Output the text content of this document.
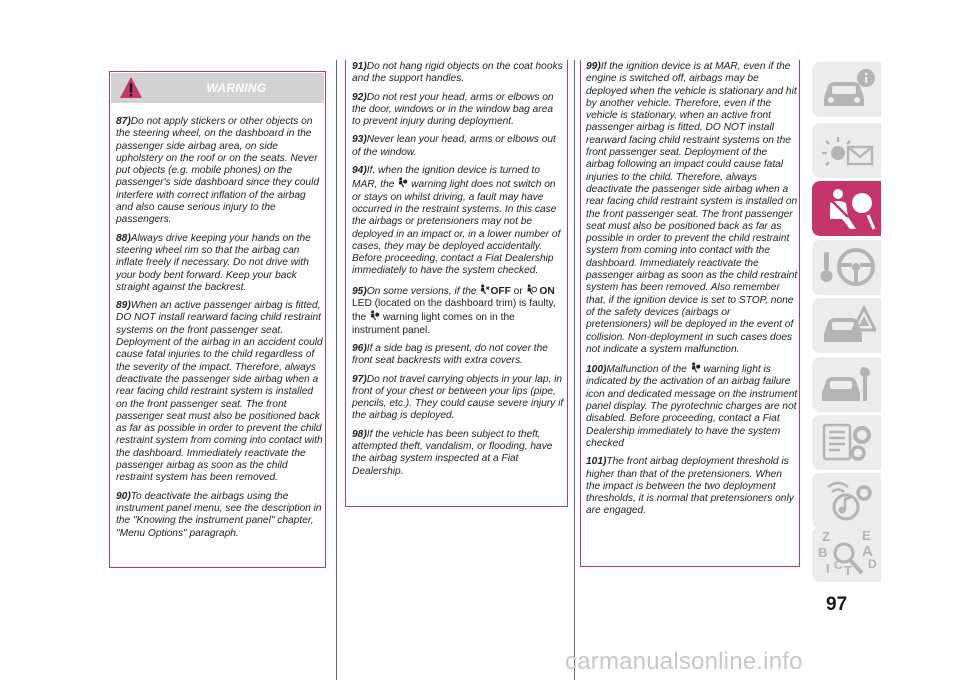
WARNING

87)Do not apply stickers or other objects on the steering wheel, on the dashboard in the passenger side airbag area, on side upholstery on the roof or on the seats. Never put objects (e.g. mobile phones) on the passenger's side dashboard since they could interfere with correct inflation of the airbag and also cause serious injury to the passengers.

88)Always drive keeping your hands on the steering wheel rim so that the airbag can inflate freely if necessary. Do not drive with your body bent forward. Keep your back straight against the backrest.

89)When an active passenger airbag is fitted, DO NOT install rearward facing child restraint systems on the front passenger seat. Deployment of the airbag in an accident could cause fatal injuries to the child regardless of the severity of the impact. Therefore, always deactivate the passenger side airbag when a rear facing child restraint system is installed on the front passenger seat. The front passenger seat must also be positioned back as far as possible in order to prevent the child restraint system from coming into contact with the dashboard. Immediately reactivate the passenger airbag as soon as the child restraint system has been removed.

90)To deactivate the airbags using the instrument panel menu, see the description in the "Knowing the instrument panel" chapter, "Menu Options" paragraph.

91)Do not hang rigid objects on the coat hooks and the support handles.

92)Do not rest your head, arms or elbows on the door, windows or in the window bag area to prevent injury during deployment.

93)Never lean your head, arms or elbows out of the window.

94)If, when the ignition device is turned to MAR, the warning light does not switch on or stays on whilst driving, a fault may have occurred in the restraint systems. In this case the airbags or pretensioners may not be deployed in an impact or, in a lower number of cases, they may be deployed accidentally. Before proceeding, contact a Fiat Dealership immediately to have the system checked.

95)On some versions, if the OFF or ON LED (located on the dashboard trim) is faulty, the warning light comes on in the instrument panel.

96)If a side bag is present, do not cover the front seat backrests with extra covers.

97)Do not travel carrying objects in your lap, in front of your chest or between your lips (pipe, pencils, etc.). They could cause severe injury if the airbag is deployed.

98)If the vehicle has been subject to theft, attempted theft, vandalism, or flooding, have the airbag system inspected at a Fiat Dealership.

99)If the ignition device is at MAR, even if the engine is switched off, airbags may be deployed when the vehicle is stationary and hit by another vehicle. Therefore, even if the vehicle is stationary, when an active front passenger airbag is fitted, DO NOT install rearward facing child restraint systems on the front passenger seat. Deployment of the airbag following an impact could cause fatal injuries to the child. Therefore, always deactivate the passenger side airbag when a rear facing child restraint system is installed on the front passenger seat. The front passenger seat must also be positioned back as far as possible in order to prevent the child restraint system from coming into contact with the dashboard. Immediately reactivate the passenger airbag as soon as the child restraint system has been removed. Also remember that, if the ignition device is set to STOP, none of the safety devices (airbags or pretensioners) will be deployed in the event of collision. Non-deployment in such cases does not indicate a system malfunction.

100)Malfunction of the warning light is indicated by the activation of an airbag failure icon and dedicated message on the instrument panel display. The pyrotechnic charges are not disabled. Before proceeding, contact a Fiat Dealership immediately to have the system checked

101)The front airbag deployment threshold is higher than that of the pretensioners. When the impact is between the two deployment thresholds, it is normal that pretensioners only are engaged.

Z E
B A
I C T D
97
carmanualsonline.info
